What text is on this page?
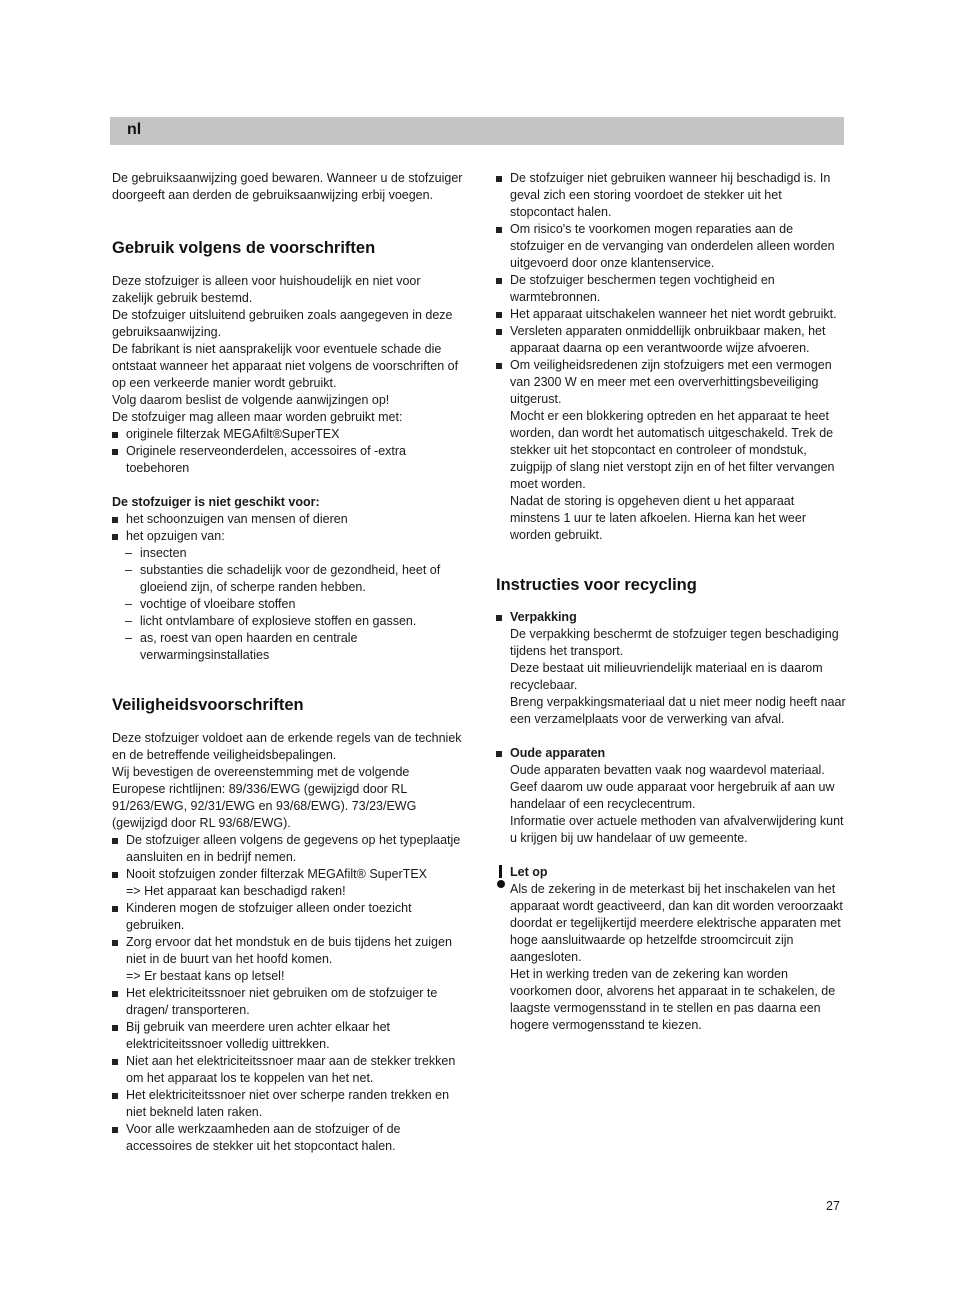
nl

De gebruiksaanwijzing goed bewaren. Wanneer u de stofzuiger doorgeeft aan derden de gebruiksaanwijzing erbij voegen.

Gebruik volgens de voorschriften

Deze stofzuiger is alleen voor huishoudelijk en niet voor zakelijk gebruik bestemd.

De stofzuiger uitsluitend gebruiken zoals aangegeven in deze gebruiksaanwijzing.

De fabrikant is niet aansprakelijk voor eventuele schade die ontstaat wanneer het apparaat niet volgens de voorschriften of op een verkeerde manier wordt gebruikt.

Volg daarom beslist de volgende aanwijzingen op!

De stofzuiger mag alleen maar worden gebruikt met:

originele filterzak MEGAfilt®SuperTEX
Originele reserveonderdelen, accessoires of -extra toebehoren

De stofzuiger is niet geschikt voor:

het schoonzuigen van mensen of dieren
het opzuigen van:
– insecten
– substanties die schadelijk voor de gezondheid, heet of gloeiend zijn, of scherpe randen hebben.
– vochtige of vloeibare stoffen
– licht ontvlambare of explosieve stoffen en gassen.
– as, roest van open haarden en centrale verwarmingsinstallaties
Veiligheidsvoorschriften

Deze stofzuiger voldoet aan de erkende regels van de techniek en de betreffende veiligheidsbepalingen.

Wij bevestigen de overeenstemming met de volgende Europese richtlijnen: 89/336/EWG (gewijzigd door RL 91/263/EWG, 92/31/EWG en 93/68/EWG). 73/23/EWG (gewijzigd door RL 93/68/EWG).

De stofzuiger alleen volgens de gegevens op het typeplaatje aansluiten en in bedrijf nemen.
Nooit stofzuigen zonder filterzak MEGAfilt® SuperTEX
=> Het apparaat kan beschadigd raken!
Kinderen mogen de stofzuiger alleen onder toezicht gebruiken.
Zorg ervoor dat het mondstuk en de buis tijdens het zuigen niet in de buurt van het hoofd komen.
=> Er bestaat kans op letsel!
Het elektriciteitssnoer niet gebruiken om de stofzuiger te dragen/ transporteren.
Bij gebruik van meerdere uren achter elkaar het elektriciteitssnoer volledig uittrekken.
Niet aan het elektriciteitssnoer maar aan de stekker trekken om het apparaat los te koppelen van het net.
Het elektriciteitssnoer niet over scherpe randen trekken en niet bekneld laten raken.
Voor alle werkzaamheden aan de stofzuiger of de accessoires de stekker uit het stopcontact halen.
De stofzuiger niet gebruiken wanneer hij beschadigd is. In geval zich een storing voordoet de stekker uit het stopcontact halen.
Om risico's te voorkomen mogen reparaties aan de stofzuiger en de vervanging van onderdelen alleen worden uitgevoerd door onze klantenservice.
De stofzuiger beschermen tegen vochtigheid en warmtebronnen.
Het apparaat uitschakelen wanneer het niet wordt gebruikt.
Versleten apparaten onmiddellijk onbruikbaar maken, het apparaat daarna op een verantwoorde wijze afvoeren.
Om veiligheidsredenen zijn stofzuigers met een vermogen van 2300 W en meer met een oververhittingsbeveiliging uitgerust.

Mocht er een blokkering optreden en het apparaat te heet worden, dan wordt het automatisch uitgeschakeld. Trek de stekker uit het stopcontact en controleer of mondstuk, zuigpijp of slang niet verstopt zijn en of het filter vervangen moet worden.

Nadat de storing is opgeheven dient u het apparaat minstens 1 uur te laten afkoelen. Hierna kan het weer worden gebruikt.

Instructies voor recycling

Verpakking

De verpakking beschermt de stofzuiger tegen beschadiging tijdens het transport.

Deze bestaat uit milieuvriendelijk materiaal en is daarom recyclebaar.

Breng verpakkingsmateriaal dat u niet meer nodig heeft naar een verzamelplaats voor de verwerking van afval.

Oude apparaten

Oude apparaten bevatten vaak nog waardevol materiaal. Geef daarom uw oude apparaat voor hergebruik af aan uw handelaar of een recyclecentrum.

Informatie over actuele methoden van afvalverwijdering kunt u krijgen bij uw handelaar of uw gemeente.

Let op

Als de zekering in de meterkast bij het inschakelen van het apparaat wordt geactiveerd, dan kan dit worden veroorzaakt doordat er tegelijkertijd meerdere elektrische apparaten met hoge aansluitwaarde op hetzelfde stroomcircuit zijn aangesloten.

Het in werking treden van de zekering kan worden voorkomen door, alvorens het apparaat in te schakelen, de laagste vermogensstand in te stellen en pas daarna een hogere vermogensstand te kiezen.

27
